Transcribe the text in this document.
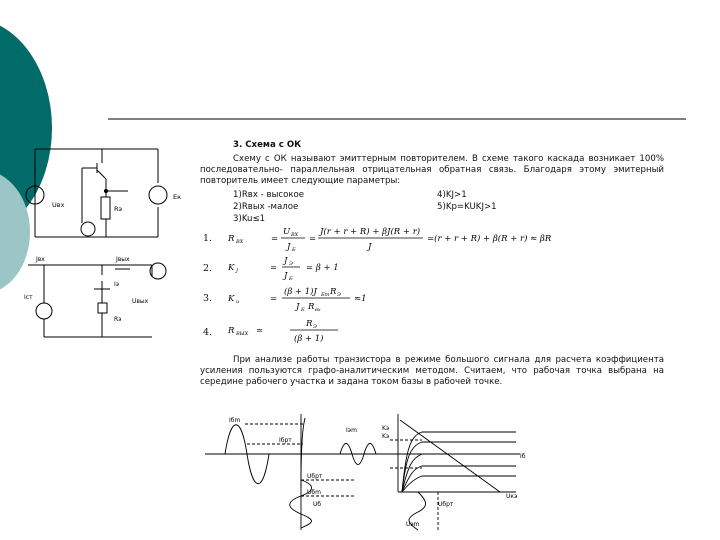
Uвх
Eк
Rэ
Jвх	Jвых
Iэ
Iст
Uвых
Rэ
3. Схема с ОК
Схему с ОК называют эмиттерным повторителем. В схеме такого каскада возникает 100% последовательно- параллельная отрицательная обратная связь. Благодаря этому эмитерный повторитель имеет следующие параметры:
1)Rвх - высокое
2)Rвых -малое
3)Ku≤1
4)KJ>1
5)Kp=KUKJ>1
1.
2.
3.
4.
R ВХ	=
U ВХ
J Б
=
J(r + r + R) + βJ(R + r)
J
=(r + r + R) + β(R + r) ≈ βR
K J	=
J Э
J Б
= β + 1
K u	=
(β + 1)J Бm R Э
J Б R вх
≈1
R ВЫХ ≃
R Э
(β + 1)
При анализе работы транзистора в режиме большого сигнала для расчета коэффициента усиления пользуются графо-аналитическим методом. Считаем, что рабочая точка выбрана на середине рабочего участка и задана током базы в рабочей точке.
Iбm
Iбрт
Uбрт
Uбm
Uб
Iэm	Kэ
Kэ
Uбрт
Iб
Uэm
Uкэ
